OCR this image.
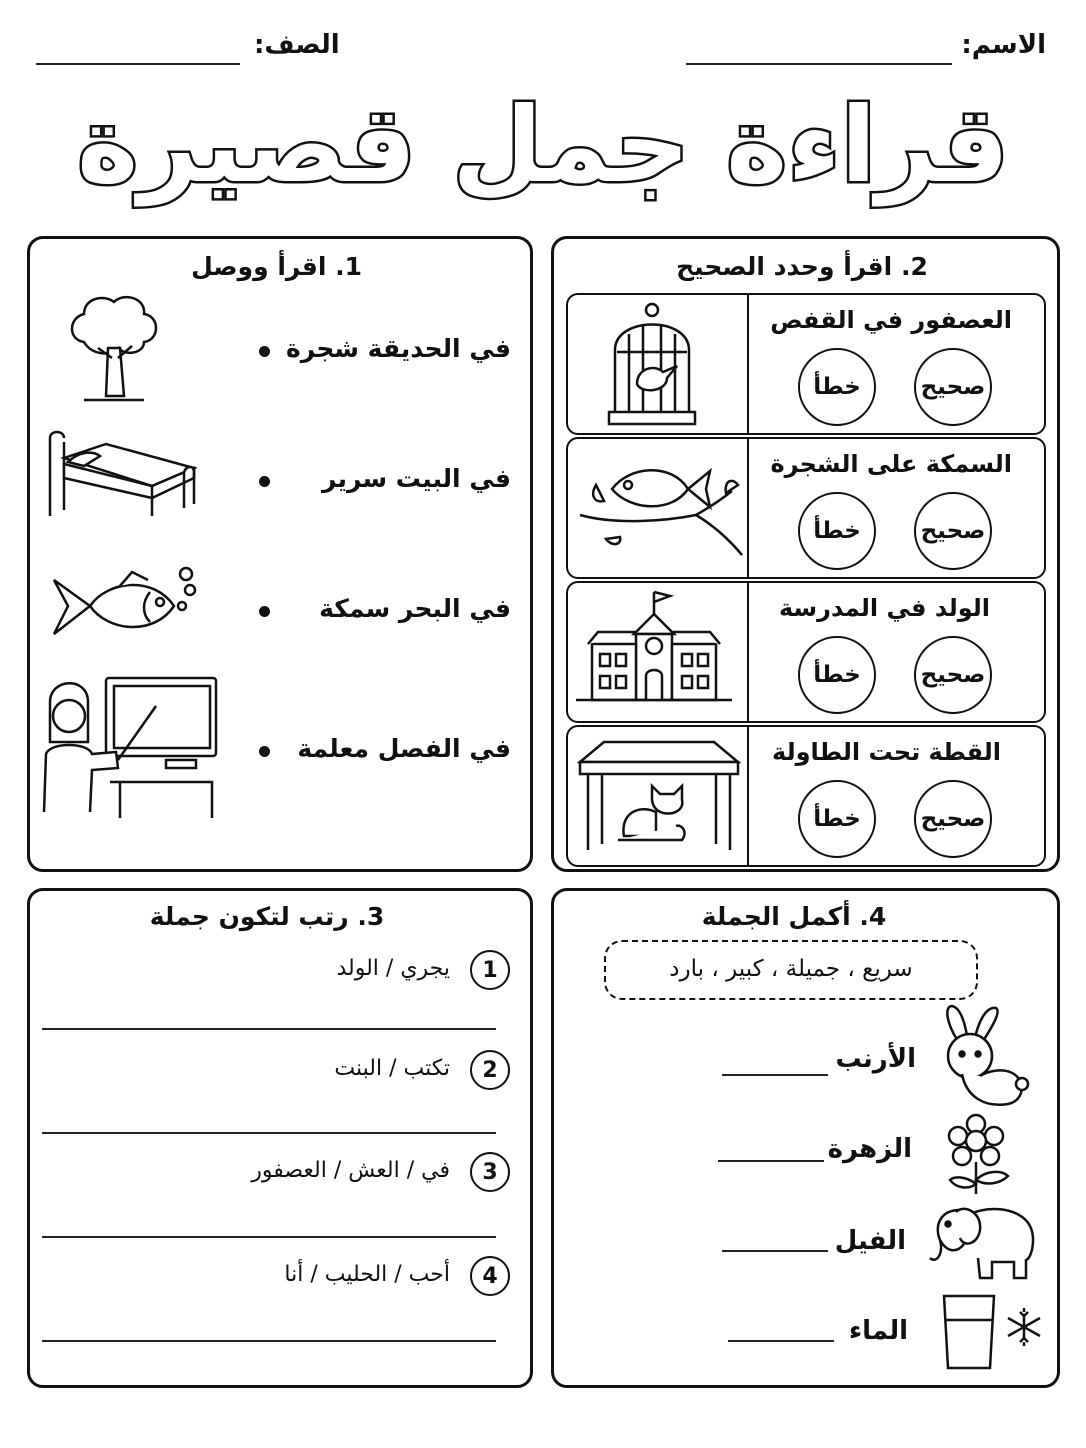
الاسم:
الصف:
قراءة جمل قصيرة
1. اقرأ ووصل
في الحديقة شجرة
في البيت سرير
في البحر سمكة
في الفصل معلمة
2. اقرأ وحدد الصحيح
العصفور في القفص
صحيح
خطأ
السمكة على الشجرة
صحيح
خطأ
الولد في المدرسة
صحيح
خطأ
القطة تحت الطاولة
صحيح
خطأ
3. رتب لتكون جملة
1
يجري / الولد
2
تكتب / البنت
3
في / العش / العصفور
4
أحب / الحليب / أنا
4. أكمل الجملة
سريع ، جميلة ، كبير ، بارد
الأرنب
الزهرة
الفيل
الماء
